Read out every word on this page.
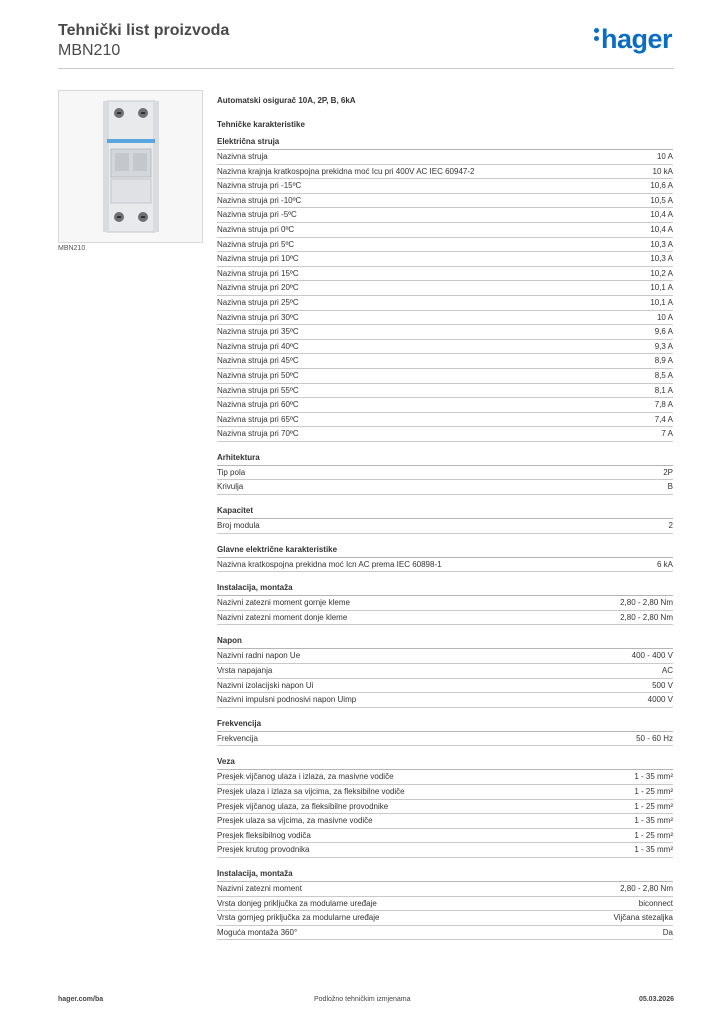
Tehnički list proizvoda
MBN210	hager
MBN210
Automatski osigurač 10A, 2P, B, 6kA
Tehničke karakteristike
Električna struja
Nazivna struja	10 A
Nazivna krajnja kratkospojna prekidna moć Icu pri 400V AC IEC 60947-2	10 kA
Nazivna struja pri -15ºC	10,6 A
Nazivna struja pri -10ºC	10,5 A
Nazivna struja pri -5ºC	10,4 A
Nazivna struja pri 0ºC	10,4 A
Nazivna struja pri 5ºC	10,3 A
Nazivna struja pri 10ºC	10,3 A
Nazivna struja pri 15ºC	10,2 A
Nazivna struja pri 20ºC	10,1 A
Nazivna struja pri 25ºC	10,1 A
Nazivna struja pri 30ºC	10 A
Nazivna struja pri 35ºC	9,6 A
Nazivna struja pri 40ºC	9,3 A
Nazivna struja pri 45ºC	8,9 A
Nazivna struja pri 50ºC	8,5 A
Nazivna struja pri 55ºC	8,1 A
Nazivna struja pri 60ºC	7,8 A
Nazivna struja pri 65ºC	7,4 A
Nazivna struja pri 70ºC	7 A
Arhitektura
Tip pola	2P
Krivulja	B
Kapacitet
Broj modula	2
Glavne električne karakteristike
Nazivna kratkospojna prekidna moć Icn AC prema IEC 60898-1	6 kA
Instalacija, montaža
Nazivni zatezni moment gornje kleme	2,80 - 2,80 Nm
Nazivni zatezni moment donje kleme	2,80 - 2,80 Nm
Napon
Nazivni radni napon Ue	400 - 400 V
Vrsta napajanja	AC
Nazivni izolacijski napon Ui	500 V
Nazivni impulsni podnosivi napon Uimp	4000 V
Frekvencija
Frekvencija	50 - 60 Hz
Veza
Presjek vijčanog ulaza i izlaza, za masivne vodiče	1 - 35 mm²
Presjek ulaza i izlaza sa vijcima, za fleksibilne vodiče	1 - 25 mm²
Presjek vijčanog ulaza, za fleksibilne provodnike	1 - 25 mm²
Presjek ulaza sa vijcima, za masivne vodiče	1 - 35 mm²
Presjek fleksibilnog vodiča	1 - 25 mm²
Presjek krutog provodnika	1 - 35 mm²
Instalacija, montaža
Nazivni zatezni moment	2,80 - 2,80 Nm
Vrsta donjeg priključka za modularne uređaje	biconnect
Vrsta gornjeg priključka za modularne uređaje	Vijčana stezaljka
Moguća montaža 360°	Da
hager.com/ba	Podložno tehničkim izmjenama	05.03.2026
